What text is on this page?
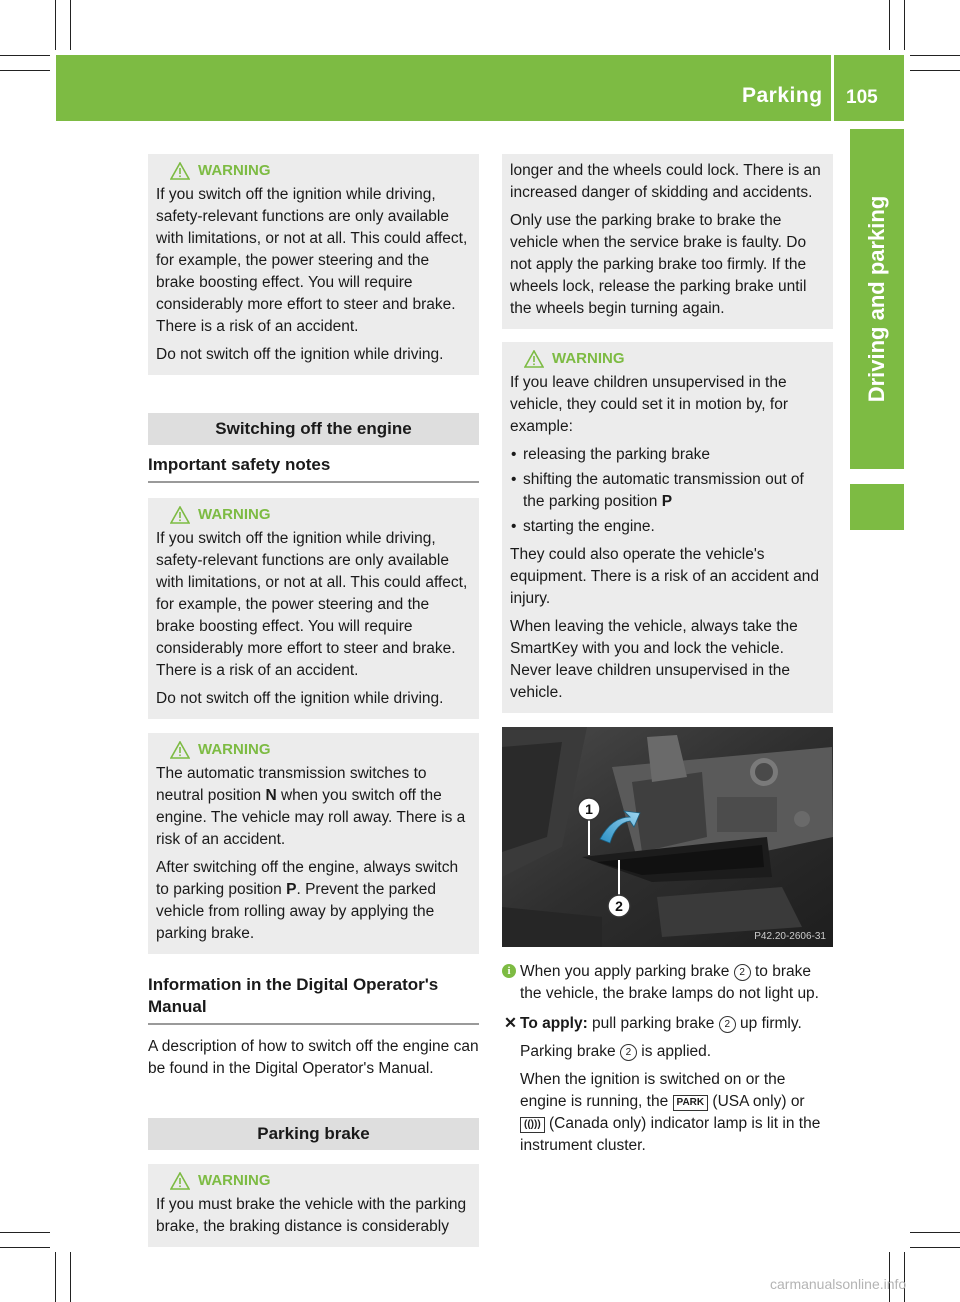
Parking 105
Driving and parking
WARNING

If you switch off the ignition while driving, safety-relevant functions are only available with limitations, or not at all. This could affect, for example, the power steering and the brake boosting effect. You will require considerably more effort to steer and brake. There is a risk of an accident.

Do not switch off the ignition while driving.

Switching off the engine
Important safety notes
WARNING

If you switch off the ignition while driving, safety-relevant functions are only available with limitations, or not at all. This could affect, for example, the power steering and the brake boosting effect. You will require considerably more effort to steer and brake. There is a risk of an accident.

Do not switch off the ignition while driving.

WARNING

The automatic transmission switches to neutral position N when you switch off the engine. The vehicle may roll away. There is a risk of an accident.

After switching off the engine, always switch to parking position P. Prevent the parked vehicle from rolling away by applying the parking brake.

Information in the Digital Operator's Manual

A description of how to switch off the engine can be found in the Digital Operator's Manual.

Parking brake
WARNING

If you must brake the vehicle with the parking brake, the braking distance is considerably

longer and the wheels could lock. There is an increased danger of skidding and accidents.

Only use the parking brake to brake the vehicle when the service brake is faulty. Do not apply the parking brake too firmly. If the wheels lock, release the parking brake until the wheels begin turning again.

WARNING

If you leave children unsupervised in the vehicle, they could set it in motion by, for example:

• releasing the parking brake
• shifting the automatic transmission out of the parking position P
• starting the engine.

They could also operate the vehicle's equipment. There is a risk of an accident and injury.

When leaving the vehicle, always take the SmartKey with you and lock the vehicle. Never leave children unsupervised in the vehicle.

1
2
P42.20-2606-31
i When you apply parking brake 2 to brake the vehicle, the brake lamps do not light up.
✕ To apply: pull parking brake 2 up firmly.

Parking brake 2 is applied.

When the ignition is switched on or the engine is running, the PARK (USA only) or (())) (Canada only) indicator lamp is lit in the instrument cluster.

carmanualsonline.info
